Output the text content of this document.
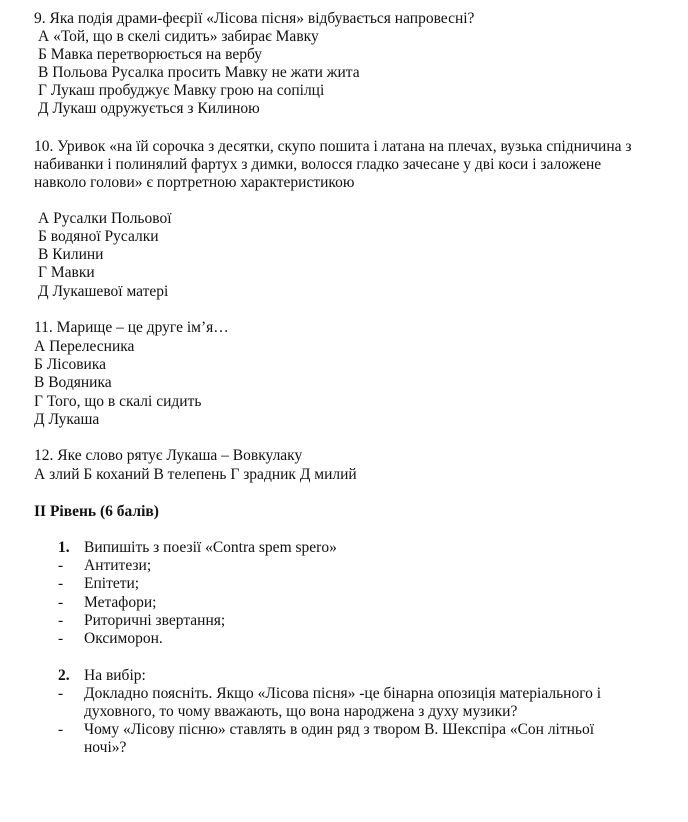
9. Яка подія драми-феєрії «Лісова пісня» відбувається напровесні?
А «Той, що в скелі сидить» забирає Мавку
Б Мавка перетворюється на вербу
В Польова Русалка просить Мавку не жати жита
Г Лукаш пробуджує Мавку грою на сопілці
Д Лукаш одружується з Килиною
10. Уривок «на їй сорочка з десятки, скупо пошита і латана на плечах, вузька спідничина з
набиванки і полинялий фартух з димки, волосся гладко зачесане у дві коси і заложене
навколо голови» є портретною характеристикою
А Русалки Польової
Б водяної Русалки
В Килини
Г Мавки
Д Лукашевої матері
11. Марище – це друге ім’я…
А Перелесника
Б Лісовика
В Водяника
Г Того, що в скалі сидить
Д Лукаша
12. Яке слово рятує Лукаша – Вовкулаку
А злий Б коханий В телепень Г зрадник Д милий
ІІ Рівень (6 балів)
1. Випишіть з поезії «Contra spem spero»
- Антитези;
- Епітети;
- Метафори;
- Риторичні звертання;
- Оксиморон.
2. На вибір:
- Докладно поясніть. Якщо «Лісова пісня» -це бінарна опозиція матеріального і
духовного, то чому вважають, що вона народжена з духу музики?
- Чому «Лісову пісню» ставлять в один ряд з твором В. Шекспіра «Сон літньої
ночі»?
